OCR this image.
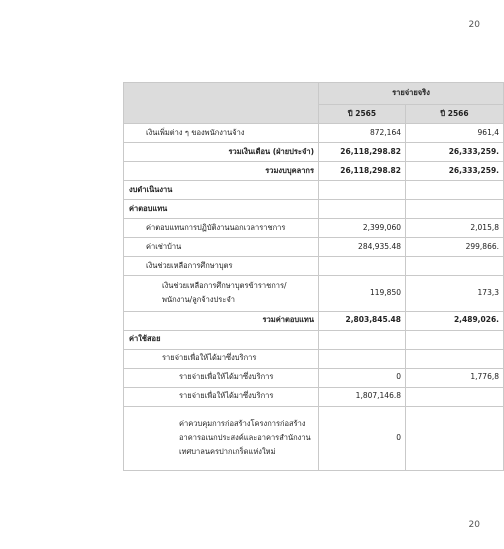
20
	รายจ่ายจริง	
	ปี 2565	ปี 2566
เงินเพิ่มต่าง ๆ ของพนักงานจ้าง	872,164	961,4
รวมเงินเดือน (ฝ่ายประจำ)	26,118,298.82	26,333,259.
รวมงบบุคลากร	26,118,298.82	26,333,259.
งบดำเนินงาน		
ค่าตอบแทน		
ค่าตอบแทนการปฏิบัติงานนอกเวลาราชการ	2,399,060	2,015,8
ค่าเช่าบ้าน	284,935.48	299,866.
เงินช่วยเหลือการศึกษาบุตร		
เงินช่วยเหลือการศึกษาบุตรข้าราชการ/พนักงาน/ลูกจ้างประจำ	119,850	173,3
รวมค่าตอบแทน	2,803,845.48	2,489,026.
ค่าใช้สอย		
รายจ่ายเพื่อให้ได้มาซึ่งบริการ		
รายจ่ายเพื่อให้ได้มาซึ่งบริการ	0	1,776,8
รายจ่ายเพื่อให้ได้มาซึ่งบริการ	1,807,146.8	
ค่าควบคุมการก่อสร้างโครงการก่อสร้างอาคารอเนกประสงค์และอาคารสำนักงานเทศบาลนครปากเกร็ดแห่งใหม่	0	
20
